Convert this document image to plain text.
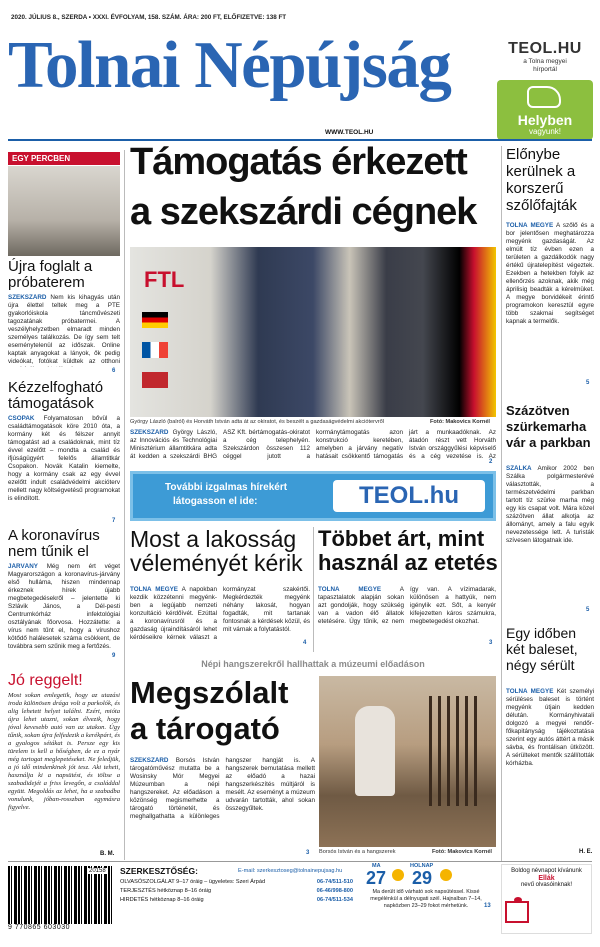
2020. JÚLIUS 8., SZERDA • XXXI. ÉVFOLYAM, 158. SZÁM. ÁRA: 200 FT, ELŐFIZETVE: 138 FT
Tolnai Népújság
WWW.TEOL.HU
TEOL.HU
a Tolna megyei hírportál
Helyben
vagyunk!
EGY PERCBEN
Újra foglalt a próbaterem
SZEKSZÁRD Nem kis kihagyás után újra élettel teltek meg a PTE gyakorlóiskola táncművészeti tagozatának próbatermei. A veszélyhelyzetben elmaradt minden személyes találkozás. De így sem telt eseménytelenül az időszak. Online kaptak anyagokat a lányok, ők pedig videókat, fotókat küldtek az otthoni
6
Kézzelfogható támogatások
CSOPAK Folyamatosan bővül a családtámogatások köre 2010 óta, a kormány két és félszer annyit támogatást ad a családoknak, mint tíz évvel ezelőtt – mondta a család és ifjúságügyért felelős államtitkár Csopakon. Novák Katalin kiemelte, hogy a kormány csak az egy évvel ezelőtt indult családvédelmi akcióterv mellett nagy költségvetésű programokat is elindított.
7
A koronavírus nem tűnik el
JÁRVÁNY Még nem ért véget Magyarországon a koronavírus-járvány első hulláma, hiszen mindennap érkeznek hírek újabb megbetegedésekről – jelentette ki Szlávik János, a Dél-pesti Centrumkórház infektológiai osztályának főorvosa. Hozzátette: a vírus nem tűnt el, hogy a vírushoz kötődő halálesetek száma csökkent, de továbbra sem szűnik meg a fertőzés.
9
Jó reggelt!
Most sokan emlegetik, hogy az utazási iroda különösen drága volt a parkolók, és alig lehetett helyet találni. Ezért, mióta újra lehet utazni, sokan élvezik, hogy jóval kevesebb autó van az utakon. Úgy tűnik, sokan újra felfedezik a kerékpárt, és a gyalogos sétákat is. Persze egy kis türelem is kell a hőségben, de ez a nyár még tartogat meglepetéseket. Ne feledjük, a jó idő mindenkinek jót tesz. Aki teheti, használja ki a napsütést, és töltse a szabadidejét a friss levegőn, a családdal együtt. Megoldás az lehet, ha a szabadba vonulunk, jóban-rosszban egymásra figyelve.
B. M.
Támogatás érkezett
a szekszárdi cégnek
FTL
György László (balról) és Horváth István adta át az okiratot, és beszélt a gazdaságvédelmi akciótervről	Fotó: Makovics Kornél
SZEKSZÁRD György László, az Innovációs és Technológiai Minisztérium államtitkára adta át kedden a szekszárdi BHG ASZ Kft. bértámogatás-okiratot a cég telephelyén. Szekszárdon összesen 112 céggel jutott a kormánytámogatás azon konstrukció keretében, amelyben a járvány negatív hatásait csökkentő támogatás járt a munkaadóknak. Az átadón részt vett Horváth István országgyűlési képviselő és a cég vezetése is. Az
2
További izgalmas hírekért
látogasson el ide:	TEOL.hu
Most a lakosság
véleményét kérik
TOLNA MEGYE A napokban kezdik közzétenni megyénk-ben a legújabb nemzeti konzultáció kérdőívét. Ezúttal a koronavírusról és a gazdaság újraindításáról lehet kérdéseikre kérnek választ a kormányzat szakértői. Megkérdezték megyénk néhány lakosát, hogyan fogadták, mit tartanak fontosnak a kérdések közül, és mit várnak a folytatástól.
4
Többet árt, mint
használ az etetés
TOLNA MEGYE	A tapasztalatok alapján sokan azt gondolják, hogy szükség van a vadon élő állatok etetésére. Úgy tűnik, ez nem így van. A vízimadarak, különösen a hattyúk, nem igénylik ezt. Sőt, a kenyér kifejezetten káros számukra, megbetegedést okozhat.
3
Népi hangszerekről hallhattak a múzeumi előadáson
Megszólalt
a tárogató
SZEKSZÁRD Borsós István tárogatóművész mutatta be a Wosinsky Mór Megyei Múzeumban a népi hangszereket. Az előadáson a közönség megismerhette a tárogató történetét, és meghallgathatta a különleges hangszer hangját is. A hangszerek bemutatása mellett az előadó a hazai hangszerkészítés múltjáról is mesélt. Az eseményt a múzeum udvarán tartották, ahol sokan összegyűltek.
3 Borsós István és a hangszerek	Fotó: Makovics Kornél
Előnybe kerülnek a korszerű szőlőfajták
TOLNA MEGYE A szőlő és a bor jelentősen meghatározza megyénk gazdaságát. Az elmúlt tíz évben ezen a területen a gazdálkodók nagy értékű újratelepítést végeztek. Ezekben a hetekben folyik az ellenőrzés azoknak, akik még áprilisig beadták a kérelmüket. A megye borvidékeit érintő programokon keresztül egyre több szakmai segítséget kapnak a termelők.
5
Százötven szürkemarha vár a parkban
SZÁLKA Amikor 2002 ben Szálka polgármesterévé választották, a természetvédelmi parkban tartott tíz szürke marha még egy kis csapat volt. Mára közel százötven állat alkotja az állományt, amely a falu egyik nevezetessége lett. A turisták szívesen látogatnak ide.
5
Egy időben két baleset, négy sérült
TOLNA MEGYE Két személyi sérüléses baleset is történt megyénk útjain kedden délután. Kormányhivatali dolgozó a megyei rendőr-főkapitányság tájékoztatása szerint egy autós áttért a másik sávba, és frontálisan ütközött. A sérülteket mentők szállították kórházba.
H. E.
9 770865 603030
20158 SZERKESZTŐSÉG:	E-mail: szerkesztoseg@tolnainepujsag.hu
OLVASÓSZOLGÁLAT 9–17 óráig – ügyeletes: Szeri Árpád	06-74/511-510
TERJESZTÉS hétköznap 8–16 óráig	06-46/998-800
HIRDETÉS hétköznap 8–16 óráig	06-74/511-534
MA
27
HOLNAP
29
Ma derült idő várható sok napsütéssel. Kissé megélénkül a délnyugati szél. Hajnalban 7–14, napközben 23–29 fokot mérhetünk.	13
Boldog névnapot kívánunk
Ellák
nevű olvasóinknak!
